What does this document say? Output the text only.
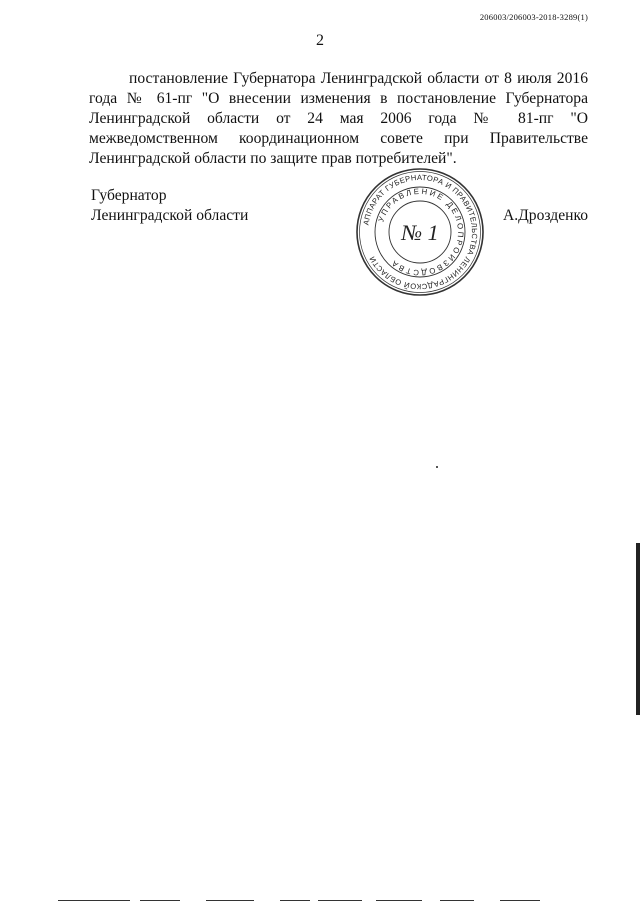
206003/206003-2018-3289(1)
2

постановление Губернатора Ленинградской области от 8 июля 2016 года № 61-пг "О внесении изменения в постановление Губернатора Ленинградской области от 24 мая 2006 года № 81-пг "О межведомственном координационном совете при Правительстве Ленинградской области по защите прав потребителей".

Губернатор
Ленинградской области	А.Дрозденко
АППАРАТ ГУБЕРНАТОРА И ПРАВИТЕЛЬСТВА ЛЕНИНГРАДСКОЙ ОБЛАСТИ
УПРАВЛЕНИЕ ДЕЛОПРОИЗВОДСТВА
№ 1
